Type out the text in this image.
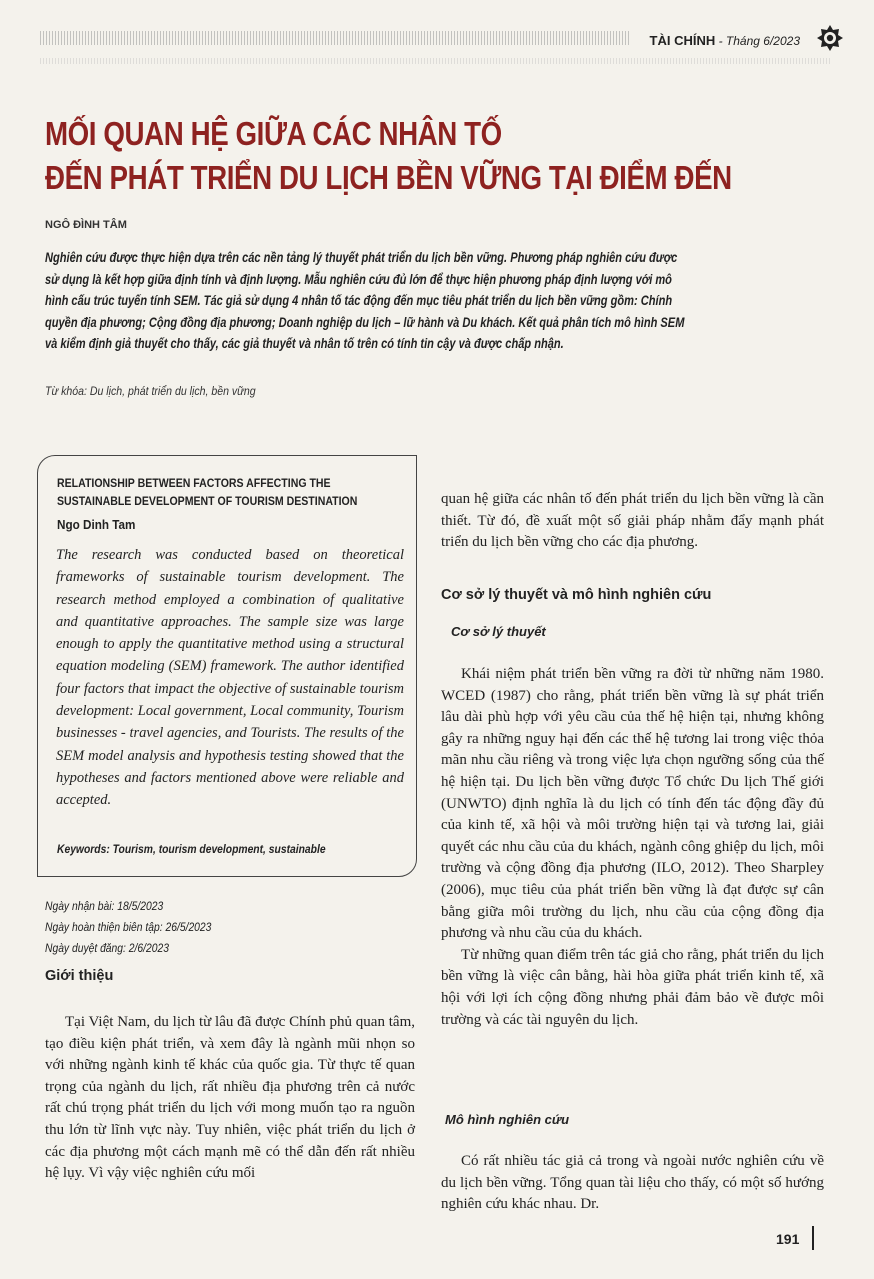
TÀI CHÍNH - Tháng 6/2023
MỐI QUAN HỆ GIỮA CÁC NHÂN TỐ
ĐẾN PHÁT TRIỂN DU LỊCH BỀN VỮNG TẠI ĐIỂM ĐẾN
NGÔ ĐÌNH TÂM
Nghiên cứu được thực hiện dựa trên các nền tảng lý thuyết phát triển du lịch bền vững. Phương pháp nghiên cứu được sử dụng là kết hợp giữa định tính và định lượng. Mẫu nghiên cứu đủ lớn để thực hiện phương pháp định lượng với mô hình cấu trúc tuyến tính SEM. Tác giả sử dụng 4 nhân tố tác động đến mục tiêu phát triển du lịch bền vững gồm: Chính quyền địa phương; Cộng đồng địa phương; Doanh nghiệp du lịch – lữ hành và Du khách. Kết quả phân tích mô hình SEM và kiểm định giả thuyết cho thấy, các giả thuyết và nhân tố trên có tính tin cậy và được chấp nhận.
Từ khóa: Du lịch, phát triển du lịch, bền vững
RELATIONSHIP BETWEEN FACTORS AFFECTING THE
SUSTAINABLE DEVELOPMENT OF TOURISM DESTINATION
Ngo Dinh Tam
The research was conducted based on theoretical frameworks of sustainable tourism development. The research method employed a combination of qualitative and quantitative approaches. The sample size was large enough to apply the quantitative method using a structural equation modeling (SEM) framework. The author identified four factors that impact the objective of sustainable tourism development: Local government, Local community, Tourism businesses - travel agencies, and Tourists. The results of the SEM model analysis and hypothesis testing showed that the hypotheses and factors mentioned above were reliable and accepted.
Keywords: Tourism, tourism development, sustainable
Ngày nhận bài: 18/5/2023
Ngày hoàn thiện biên tập: 26/5/2023
Ngày duyệt đăng: 2/6/2023
Giới thiệu

Tại Việt Nam, du lịch từ lâu đã được Chính phủ quan tâm, tạo điều kiện phát triển, và xem đây là ngành mũi nhọn so với những ngành kinh tế khác của quốc gia. Từ thực tế quan trọng của ngành du lịch, rất nhiều địa phương trên cả nước rất chú trọng phát triển du lịch với mong muốn tạo ra nguồn thu lớn từ lĩnh vực này. Tuy nhiên, việc phát triển du lịch ở các địa phương một cách mạnh mẽ có thể dẫn đến rất nhiều hệ lụy. Vì vậy việc nghiên cứu mối

quan hệ giữa các nhân tố đến phát triển du lịch bền vững là cần thiết. Từ đó, đề xuất một số giải pháp nhằm đẩy mạnh phát triển du lịch bền vững cho các địa phương.

Cơ sở lý thuyết và mô hình nghiên cứu
Cơ sở lý thuyết

Khái niệm phát triển bền vững ra đời từ những năm 1980. WCED (1987) cho rằng, phát triển bền vững là sự phát triển lâu dài phù hợp với yêu cầu của thế hệ hiện tại, nhưng không gây ra những nguy hại đến các thế hệ tương lai trong việc thỏa mãn nhu cầu riêng và trong việc lựa chọn ngưỡng sống của thế hệ hiện tại. Du lịch bền vững được Tổ chức Du lịch Thế giới (UNWTO) định nghĩa là du lịch có tính đến tác động đầy đủ của kinh tế, xã hội và môi trường hiện tại và tương lai, giải quyết các nhu cầu của du khách, ngành công ghiệp du lịch, môi trường và cộng đồng địa phương (ILO, 2012). Theo Sharpley (2006), mục tiêu của phát triển bền vững là đạt được sự cân bằng giữa môi trường du lịch, nhu cầu của cộng đồng địa phương và nhu cầu của du khách.

Từ những quan điểm trên tác giả cho rằng, phát triển du lịch bền vững là việc cân bằng, hài hòa giữa phát triển kinh tế, xã hội với lợi ích cộng đồng nhưng phải đảm bảo về được môi trường và các tài nguyên du lịch.

Mô hình nghiên cứu

Có rất nhiều tác giả cả trong và ngoài nước nghiên cứu về du lịch bền vững. Tổng quan tài liệu cho thấy, có một số hướng nghiên cứu khác nhau. Dr.

191
